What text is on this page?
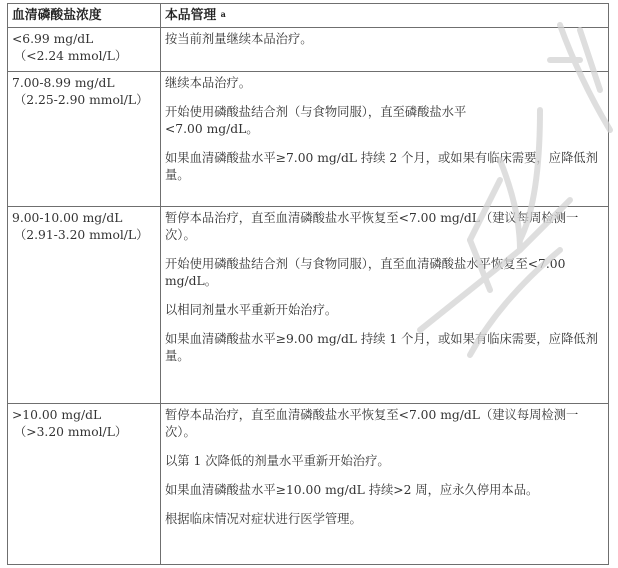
血清磷酸盐浓度	本品管理 $^a$

<6.99 mg/dL
（<2.24 mmol/L）	按当前剂量继续本品治疗。

7.00-8.99 mg/dL
（2.25-2.90 mmol/L）	继续本品治疗。
开始使用磷酸盐结合剂（与食物同服），直至磷酸盐水平<7.00 mg/dL。
如果血清磷酸盐水平≥7.00 mg/dL 持续 2 个月，或如果有临床需要，应降低剂量。

9.00-10.00 mg/dL
（2.91-3.20 mmol/L）	暂停本品治疗，直至血清磷酸盐水平恢复至<7.00 mg/dL（建议每周检测一次）。
开始使用磷酸盐结合剂（与食物同服），直至血清磷酸盐水平恢复至<7.00 mg/dL。
以相同剂量水平重新开始治疗。
如果血清磷酸盐水平≥9.00 mg/dL 持续 1 个月，或如果有临床需要，应降低剂量。

>10.00 mg/dL
（>3.20 mmol/L）	暂停本品治疗，直至血清磷酸盐水平恢复至<7.00 mg/dL（建议每周检测一次）。
以第 1 次降低的剂量水平重新开始治疗。
如果血清磷酸盐水平≥10.00 mg/dL 持续>2 周，应永久停用本品。
根据临床情况对症状进行医学管理。
